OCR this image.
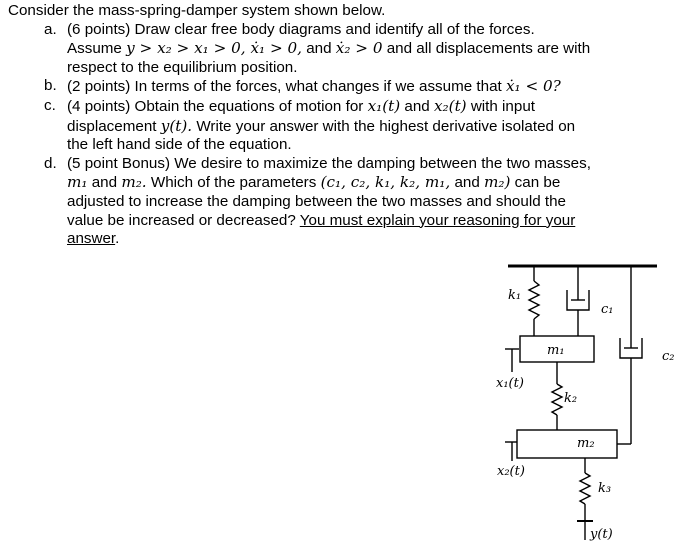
Consider the mass-spring-damper system shown below.

a. (6 points) Draw clear free body diagrams and identify all of the forces.
Assume y > x₂ > x₁ > 0, ẋ₁ > 0, and ẋ₂ > 0 and all displacements are with
respect to the equilibrium position.
b. (2 points) In terms of the forces, what changes if we assume that ẋ₁ < 0?
c. (4 points) Obtain the equations of motion for x₁(t) and x₂(t) with input
displacement y(t). Write your answer with the highest derivative isolated on
the left hand side of the equation.
d. (5 point Bonus) We desire to maximize the damping between the two masses,
m₁ and m₂. Which of the parameters (c₁, c₂, k₁, k₂, m₁, and m₂) can be
adjusted to increase the damping between the two masses and should the
value be increased or decreased? You must explain your reasoning for your
answer.
k₁
c₁
c₂
m₁
x₁(t)
k₂
m₂
x₂(t)
k₃
y(t)
